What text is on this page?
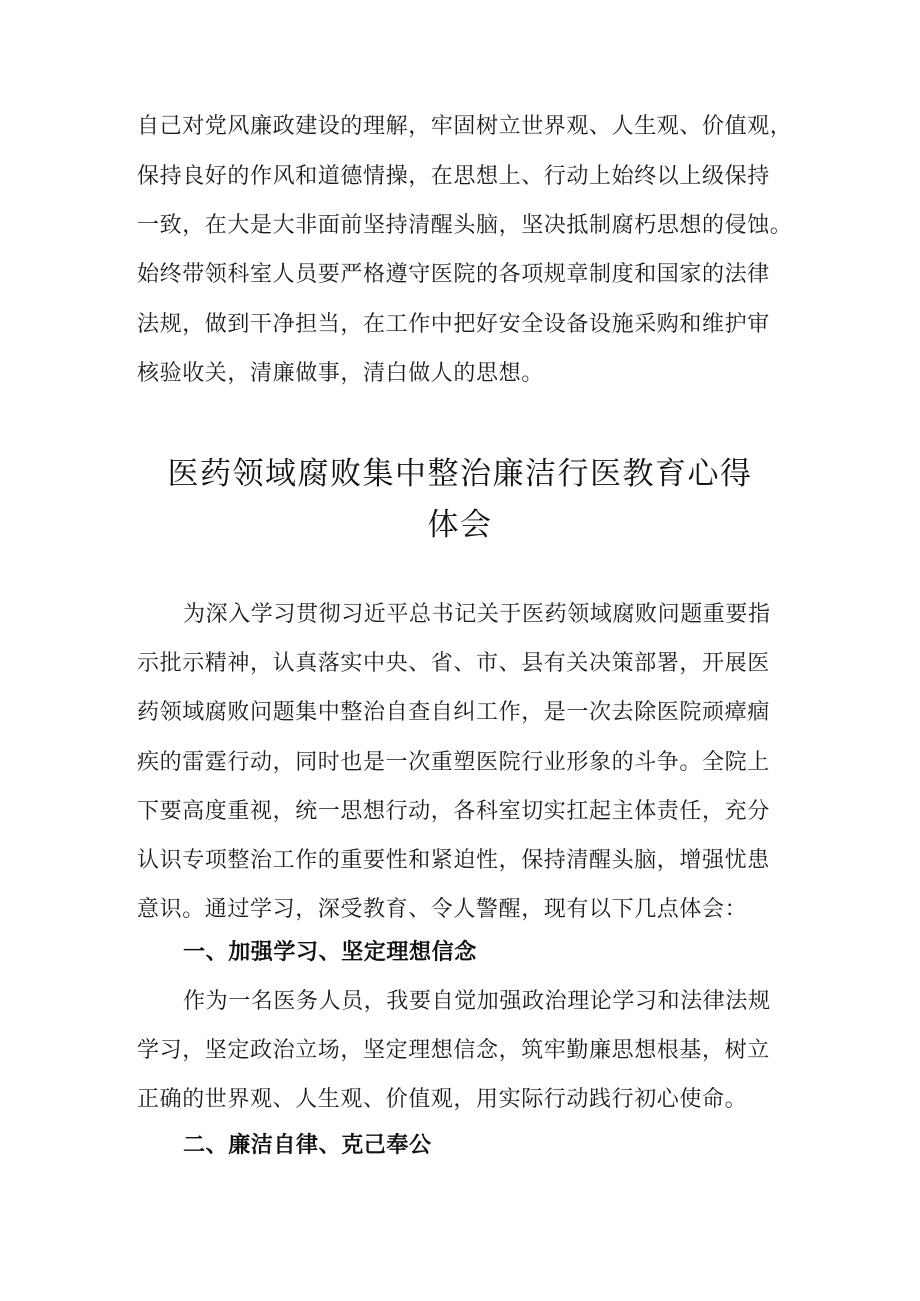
自己对党风廉政建设的理解，牢固树立世界观、人生观、价值观，
保持良好的作风和道德情操，在思想上、行动上始终以上级保持
一致，在大是大非面前坚持清醒头脑，坚决抵制腐朽思想的侵蚀。
始终带领科室人员要严格遵守医院的各项规章制度和国家的法律
法规，做到干净担当，在工作中把好安全设备设施采购和维护审
核验收关，清廉做事，清白做人的思想。
医药领域腐败集中整治廉洁行医教育心得
体会
为深入学习贯彻习近平总书记关于医药领域腐败问题重要指
示批示精神，认真落实中央、省、市、县有关决策部署，开展医
药领域腐败问题集中整治自查自纠工作，是一次去除医院顽瘴痼
疾的雷霆行动，同时也是一次重塑医院行业形象的斗争。全院上
下要高度重视，统一思想行动，各科室切实扛起主体责任，充分
认识专项整治工作的重要性和紧迫性，保持清醒头脑，增强忧患
意识。通过学习，深受教育、令人警醒，现有以下几点体会：
一、加强学习、坚定理想信念
作为一名医务人员，我要自觉加强政治理论学习和法律法规
学习，坚定政治立场，坚定理想信念，筑牢勤廉思想根基，树立
正确的世界观、人生观、价值观，用实际行动践行初心使命。
二、廉洁自律、克己奉公
